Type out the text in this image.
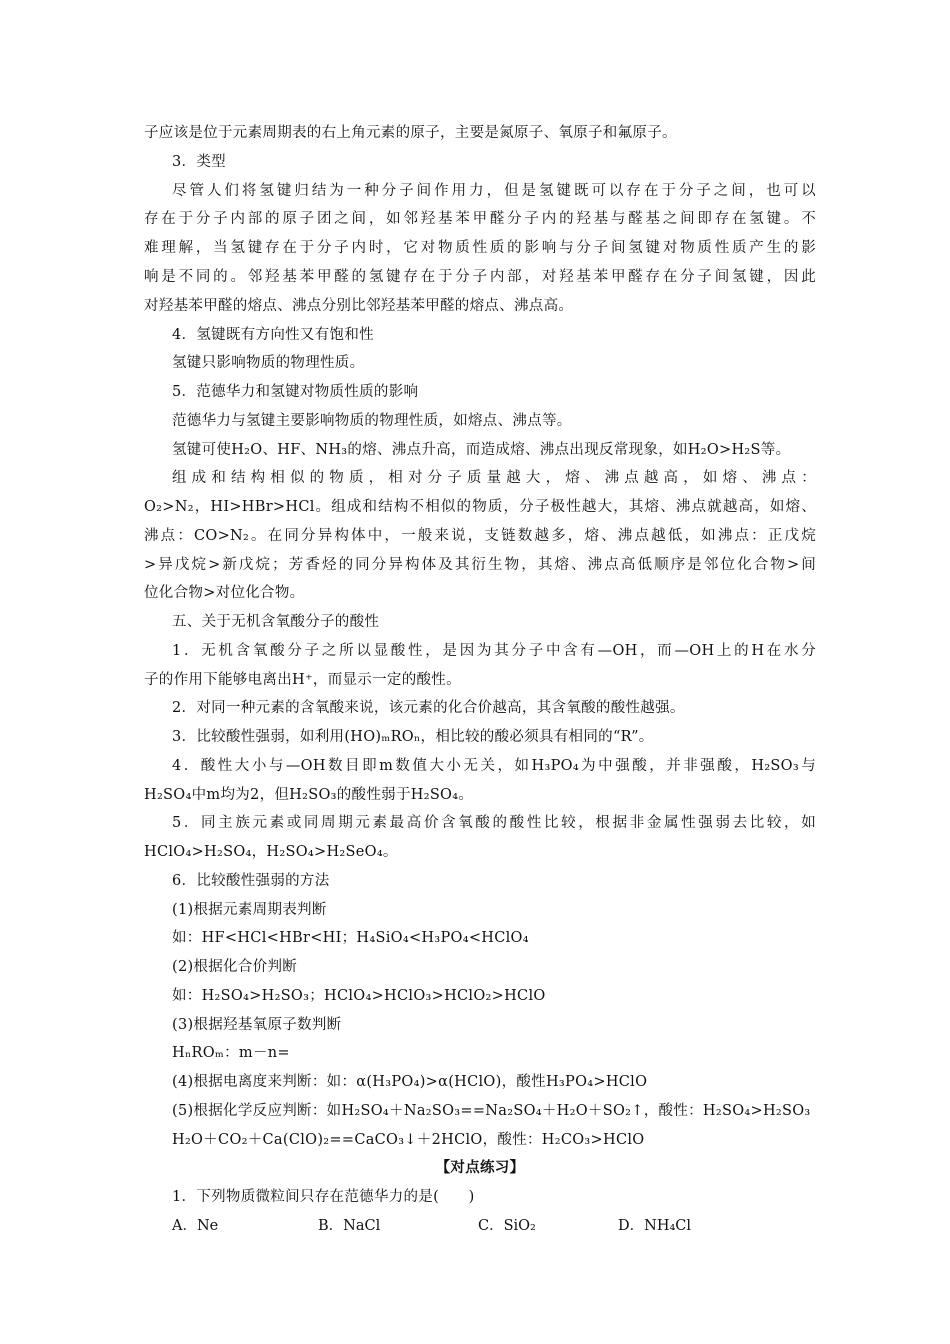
子应该是位于元素周期表的右上角元素的原子，主要是氮原子、氧原子和氟原子。
3．类型
尽管人们将氢键归结为一种分子间作用力，但是氢键既可以存在于分子之间，也可以
存在于分子内部的原子团之间，如邻羟基苯甲醛分子内的羟基与醛基之间即存在氢键。不
难理解，当氢键存在于分子内时，它对物质性质的影响与分子间氢键对物质性质产生的影
响是不同的。邻羟基苯甲醛的氢键存在于分子内部，对羟基苯甲醛存在分子间氢键，因此
对羟基苯甲醛的熔点、沸点分别比邻羟基苯甲醛的熔点、沸点高。
4．氢键既有方向性又有饱和性
氢键只影响物质的物理性质。
5．范德华力和氢键对物质性质的影响
范德华力与氢键主要影响物质的物理性质，如熔点、沸点等。
氢键可使H₂O、HF、NH₃的熔、沸点升高，而造成熔、沸点出现反常现象，如H₂O>H₂S等。
组成和结构相似的物质，相对分子质量越大，熔、沸点越高，如熔、沸点：
O₂>N₂，HI>HBr>HCl。组成和结构不相似的物质，分子极性越大，其熔、沸点就越高，如熔、
沸点：CO>N₂。在同分异构体中，一般来说，支链数越多，熔、沸点越低，如沸点：正戊烷
>异戊烷>新戊烷；芳香烃的同分异构体及其衍生物，其熔、沸点高低顺序是邻位化合物>间
位化合物>对位化合物。
五、关于无机含氧酸分子的酸性
1．无机含氧酸分子之所以显酸性，是因为其分子中含有—OH，而—OH上的H在水分
子的作用下能够电离出H⁺，而显示一定的酸性。
2．对同一种元素的含氧酸来说，该元素的化合价越高，其含氧酸的酸性越强。
3．比较酸性强弱，如利用(HO)ₘROₙ，相比较的酸必须具有相同的“R”。
4．酸性大小与—OH数目即m数值大小无关，如H₃PO₄为中强酸，并非强酸，H₂SO₃与
H₂SO₄中m均为2，但H₂SO₃的酸性弱于H₂SO₄。
5．同主族元素或同周期元素最高价含氧酸的酸性比较，根据非金属性强弱去比较，如
HClO₄>H₂SO₄，H₂SO₄>H₂SeO₄。
6．比较酸性强弱的方法
(1)根据元素周期表判断
如：HF<HCl<HBr<HI；H₄SiO₄<H₃PO₄<HClO₄
(2)根据化合价判断
如：H₂SO₄>H₂SO₃；HClO₄>HClO₃>HClO₂>HClO
(3)根据羟基氧原子数判断
HₙROₘ：m－n=
(4)根据电离度来判断：如：α(H₃PO₄)>α(HClO)，酸性H₃PO₄>HClO
(5)根据化学反应判断：如H₂SO₄＋Na₂SO₃==Na₂SO₄＋H₂O＋SO₂↑，酸性：H₂SO₄>H₂SO₃
H₂O＋CO₂＋Ca(ClO)₂==CaCO₃↓＋2HClO，酸性：H₂CO₃>HClO
【对点练习】
1．下列物质微粒间只存在范德华力的是(　　)
A．Ne	B．NaCl	C．SiO₂	D．NH₄Cl
